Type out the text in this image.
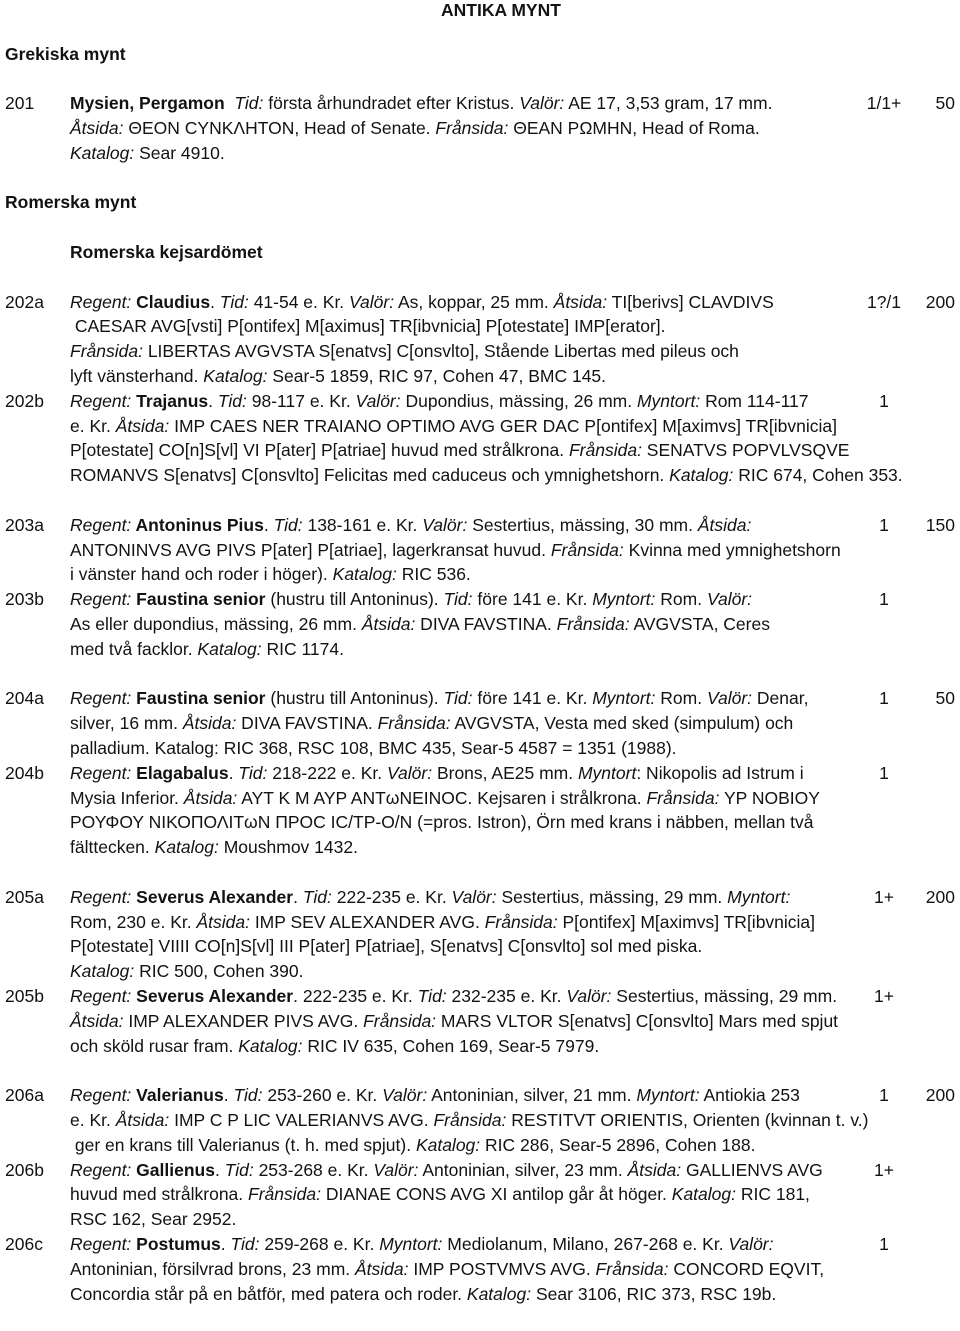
ANTIKA MYNT
Grekiska mynt
201 Mysien, Pergamon  Tid: första århundradet efter Kristus. Valör: AE 17, 3,53 gram, 17 mm.	1/1+	50
Åtsida: ΘΕΟΝ CYNKΛΗΤΟΝ, Head of Senate. Frånsida: ΘΕΑΝ ΡΩΜΗΝ, Head of Roma.
Katalog: Sear 4910.
Romerska mynt
Romerska kejsardömet
202a Regent: Claudius. Tid: 41-54 e. Kr. Valör: As, koppar, 25 mm. Åtsida: TI[berivs] CLAVDIVS	1?/1	200
CAESAR AVG[vsti] P[ontifex] M[aximus] TR[ibvnicia] P[otestate] IMP[erator].
Frånsida: LIBERTAS AVGVSTA S[enatvs] C[onsvlto], Stående Libertas med pileus och
lyft vänsterhand. Katalog: Sear-5 1859, RIC 97, Cohen 47, BMC 145.
202b Regent: Trajanus. Tid: 98-117 e. Kr. Valör: Dupondius, mässing, 26 mm. Myntort: Rom 114-117	1
e. Kr. Åtsida: IMP CAES NER TRAIANO OPTIMO AVG GER DAC P[ontifex] M[aximvs] TR[ibvnicia]
P[otestate] CO[n]S[vl] VI P[ater] P[atriae] huvud med strålkrona. Frånsida: SENATVS POPVLVSQVE
ROMANVS S[enatvs] C[onsvlto] Felicitas med caduceus och ymnighetshorn. Katalog: RIC 674, Cohen 353.
203a Regent: Antoninus Pius. Tid: 138-161 e. Kr. Valör: Sestertius, mässing, 30 mm. Åtsida:	1	150
ANTONINVS AVG PIVS P[ater] P[atriae], lagerkransat huvud. Frånsida: Kvinna med ymnighetshorn
i vänster hand och roder i höger). Katalog: RIC 536.
203b Regent: Faustina senior (hustru till Antoninus). Tid: före 141 e. Kr. Myntort: Rom. Valör:	1
As eller dupondius, mässing, 26 mm. Åtsida: DIVA FAVSTINA. Frånsida: AVGVSTA, Ceres
med två facklor. Katalog: RIC 1174.
204a Regent: Faustina senior (hustru till Antoninus). Tid: före 141 e. Kr. Myntort: Rom. Valör: Denar,	1	50
silver, 16 mm. Åtsida: DIVA FAVSTINA. Frånsida: AVGVSTA, Vesta med sked (simpulum) och
palladium. Katalog: RIC 368, RSC 108, BMC 435, Sear-5 4587 = 1351 (1988).
204b Regent: Elagabalus. Tid: 218-222 e. Kr. Valör: Brons, AE25 mm. Myntort: Nikopolis ad Istrum i	1
Mysia Inferior. Åtsida: AYT K M AYP ANTωNEINOC. Kejsaren i strålkrona. Frånsida: YP NOBIOY
ΡΟΥΦΟΥ ΝΙΚΟΠΟΛΙΤωΝ ΠΡΟC IC/TP-O/N (=pros. Istron), Örn med krans i näbben, mellan två
fälttecken. Katalog: Moushmov 1432.
205a Regent: Severus Alexander. Tid: 222-235 e. Kr. Valör: Sestertius, mässing, 29 mm. Myntort:	1+	200
Rom, 230 e. Kr. Åtsida: IMP SEV ALEXANDER AVG. Frånsida: P[ontifex] M[aximvs] TR[ibvnicia]
P[otestate] VIIII CO[n]S[vl] III P[ater] P[atriae], S[enatvs] C[onsvlto] sol med piska.
Katalog: RIC 500, Cohen 390.
205b Regent: Severus Alexander. 222-235 e. Kr. Tid: 232-235 e. Kr. Valör: Sestertius, mässing, 29 mm.	1+
Åtsida: IMP ALEXANDER PIVS AVG. Frånsida: MARS VLTOR S[enatvs] C[onsvlto] Mars med spjut
och sköld rusar fram. Katalog: RIC IV 635, Cohen 169, Sear-5 7979.
206a Regent: Valerianus. Tid: 253-260 e. Kr. Valör: Antoninian, silver, 21 mm. Myntort: Antiokia 253	1	200
e. Kr. Åtsida: IMP C P LIC VALERIANVS AVG. Frånsida: RESTITVT ORIENTIS, Orienten (kvinnan t. v.)
ger en krans till Valerianus (t. h. med spjut). Katalog: RIC 286, Sear-5 2896, Cohen 188.
206b Regent: Gallienus. Tid: 253-268 e. Kr. Valör: Antoninian, silver, 23 mm. Åtsida: GALLIENVS AVG	1+
huvud med strålkrona. Frånsida: DIANAE CONS AVG XI antilop går åt höger. Katalog: RIC 181,
RSC 162, Sear 2952.
206c Regent: Postumus. Tid: 259-268 e. Kr. Myntort: Mediolanum, Milano, 267-268 e. Kr. Valör:	1
Antoninian, försilvrad brons, 23 mm. Åtsida: IMP POSTVMVS AVG. Frånsida: CONCORD EQVIT,
Concordia står på en båtför, med patera och roder. Katalog: Sear 3106, RIC 373, RSC 19b.
